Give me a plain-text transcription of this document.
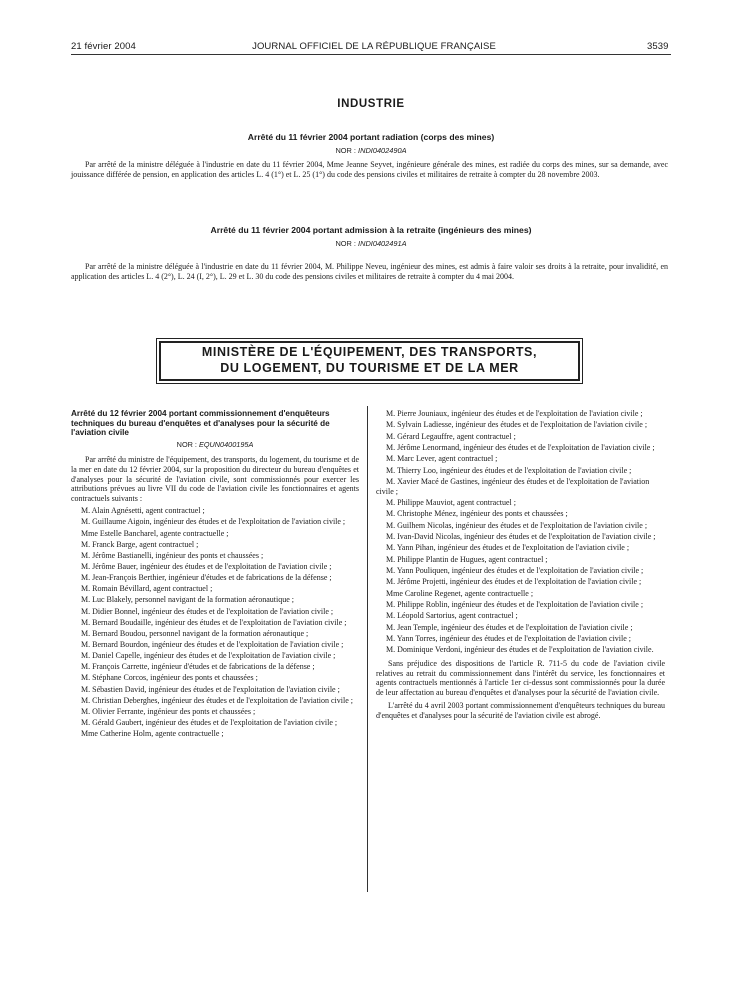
21 février 2004	JOURNAL OFFICIEL DE LA RÉPUBLIQUE FRANÇAISE	3539
INDUSTRIE
Arrêté du 11 février 2004 portant radiation (corps des mines)
NOR : INDI0402490A
Par arrêté de la ministre déléguée à l'industrie en date du 11 février 2004, Mme Jeanne Seyvet, ingénieure générale des mines, est radiée du corps des mines, sur sa demande, avec jouissance différée de pension, en application des articles L. 4 (1°) et L. 25 (1°) du code des pensions civiles et militaires de retraite à compter du 28 novembre 2003.
Arrêté du 11 février 2004 portant admission à la retraite (ingénieurs des mines)
NOR : INDI0402491A
Par arrêté de la ministre déléguée à l'industrie en date du 11 février 2004, M. Philippe Neveu, ingénieur des mines, est admis à faire valoir ses droits à la retraite, pour invalidité, en application des articles L. 4 (2°), L. 24 (I, 2°), L. 29 et L. 30 du code des pensions civiles et militaires de retraite à compter du 4 mai 2004.
MINISTÈRE DE L'ÉQUIPEMENT, DES TRANSPORTS,
DU LOGEMENT, DU TOURISME ET DE LA MER
Arrêté du 12 février 2004 portant commissionnement d'enquêteurs techniques du bureau d'enquêtes et d'analyses pour la sécurité de l'aviation civile
NOR : EQUN0400195A
Par arrêté du ministre de l'équipement, des transports, du logement, du tourisme et de la mer en date du 12 février 2004, sur la proposition du directeur du bureau d'enquêtes et d'analyses pour la sécurité de l'aviation civile, sont commissionnés pour exercer les attributions prévues au livre VII du code de l'aviation civile les fonctionnaires et agents contractuels suivants :
M. Alain Agnésetti, agent contractuel ;
M. Guillaume Aigoin, ingénieur des études et de l'exploitation de l'aviation civile ;
Mme Estelle Bancharel, agente contractuelle ;
M. Franck Barge, agent contractuel ;
M. Jérôme Bastianelli, ingénieur des ponts et chaussées ;
M. Jérôme Bauer, ingénieur des études et de l'exploitation de l'aviation civile ;
M. Jean-François Berthier, ingénieur d'études et de fabrications de la défense ;
M. Romain Bévillard, agent contractuel ;
M. Luc Blakely, personnel navigant de la formation aéronautique ;
M. Didier Bonnel, ingénieur des études et de l'exploitation de l'aviation civile ;
M. Bernard Boudaille, ingénieur des études et de l'exploitation de l'aviation civile ;
M. Bernard Boudou, personnel navigant de la formation aéronautique ;
M. Bernard Bourdon, ingénieur des études et de l'exploitation de l'aviation civile ;
M. Daniel Capelle, ingénieur des études et de l'exploitation de l'aviation civile ;
M. François Carrette, ingénieur d'études et de fabrications de la défense ;
M. Stéphane Corcos, ingénieur des ponts et chaussées ;
M. Sébastien David, ingénieur des études et de l'exploitation de l'aviation civile ;
M. Christian Deberghes, ingénieur des études et de l'exploitation de l'aviation civile ;
M. Olivier Ferrante, ingénieur des ponts et chaussées ;
M. Gérald Gaubert, ingénieur des études et de l'exploitation de l'aviation civile ;
Mme Catherine Holm, agente contractuelle ;
M. Pierre Jouniaux, ingénieur des études et de l'exploitation de l'aviation civile ;
M. Sylvain Ladiesse, ingénieur des études et de l'exploitation de l'aviation civile ;
M. Gérard Legauffre, agent contractuel ;
M. Jérôme Lenormand, ingénieur des études et de l'exploitation de l'aviation civile ;
M. Marc Lever, agent contractuel ;
M. Thierry Loo, ingénieur des études et de l'exploitation de l'aviation civile ;
M. Xavier Macé de Gastines, ingénieur des études et de l'exploitation de l'aviation civile ;
M. Philippe Mauviot, agent contractuel ;
M. Christophe Ménez, ingénieur des ponts et chaussées ;
M. Guilhem Nicolas, ingénieur des études et de l'exploitation de l'aviation civile ;
M. Ivan-David Nicolas, ingénieur des études et de l'exploitation de l'aviation civile ;
M. Yann Pihan, ingénieur des études et de l'exploitation de l'aviation civile ;
M. Philippe Plantin de Hugues, agent contractuel ;
M. Yann Pouliquen, ingénieur des études et de l'exploitation de l'aviation civile ;
M. Jérôme Projetti, ingénieur des études et de l'exploitation de l'aviation civile ;
Mme Caroline Regenet, agente contractuelle ;
M. Philippe Roblin, ingénieur des études et de l'exploitation de l'aviation civile ;
M. Léopold Sartorius, agent contractuel ;
M. Jean Temple, ingénieur des études et de l'exploitation de l'aviation civile ;
M. Yann Torres, ingénieur des études et de l'exploitation de l'aviation civile ;
M. Dominique Verdoni, ingénieur des études et de l'exploitation de l'aviation civile.
Sans préjudice des dispositions de l'article R. 711-5 du code de l'aviation civile relatives au retrait du commissionnement dans l'intérêt du service, les fonctionnaires et agents contractuels mentionnés à l'article 1er ci-dessus sont commissionnés pour la durée de leur affectation au bureau d'enquêtes et d'analyses pour la sécurité de l'aviation civile.
L'arrêté du 4 avril 2003 portant commissionnement d'enquêteurs techniques du bureau d'enquêtes et d'analyses pour la sécurité de l'aviation civile est abrogé.
